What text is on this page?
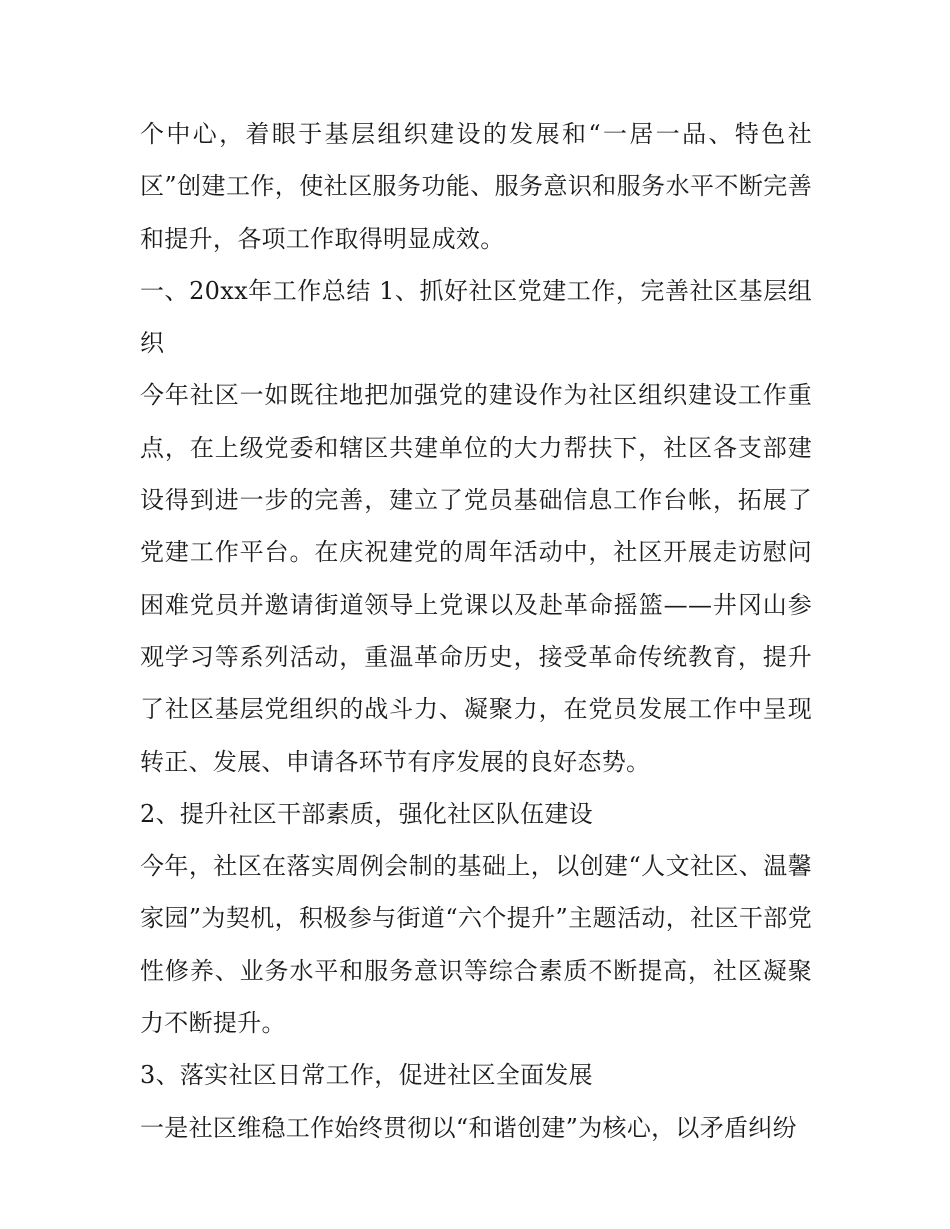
个中心，着眼于基层组织建设的发展和“一居一品、特色社区”创建工作，使社区服务功能、服务意识和服务水平不断完善和提升，各项工作取得明显成效。

一、20xx年工作总结 1、抓好社区党建工作，完善社区基层组织

今年社区一如既往地把加强党的建设作为社区组织建设工作重点，在上级党委和辖区共建单位的大力帮扶下，社区各支部建设得到进一步的完善，建立了党员基础信息工作台帐，拓展了党建工作平台。在庆祝建党的周年活动中，社区开展走访慰问困难党员并邀请街道领导上党课以及赴革命摇篮——井冈山参观学习等系列活动，重温革命历史，接受革命传统教育，提升了社区基层党组织的战斗力、凝聚力，在党员发展工作中呈现转正、发展、申请各环节有序发展的良好态势。

2、提升社区干部素质，强化社区队伍建设

今年，社区在落实周例会制的基础上，以创建“人文社区、温馨家园”为契机，积极参与街道“六个提升”主题活动，社区干部党性修养、业务水平和服务意识等综合素质不断提高，社区凝聚力不断提升。

3、落实社区日常工作，促进社区全面发展

一是社区维稳工作始终贯彻以“和谐创建”为核心，以矛盾纠纷
